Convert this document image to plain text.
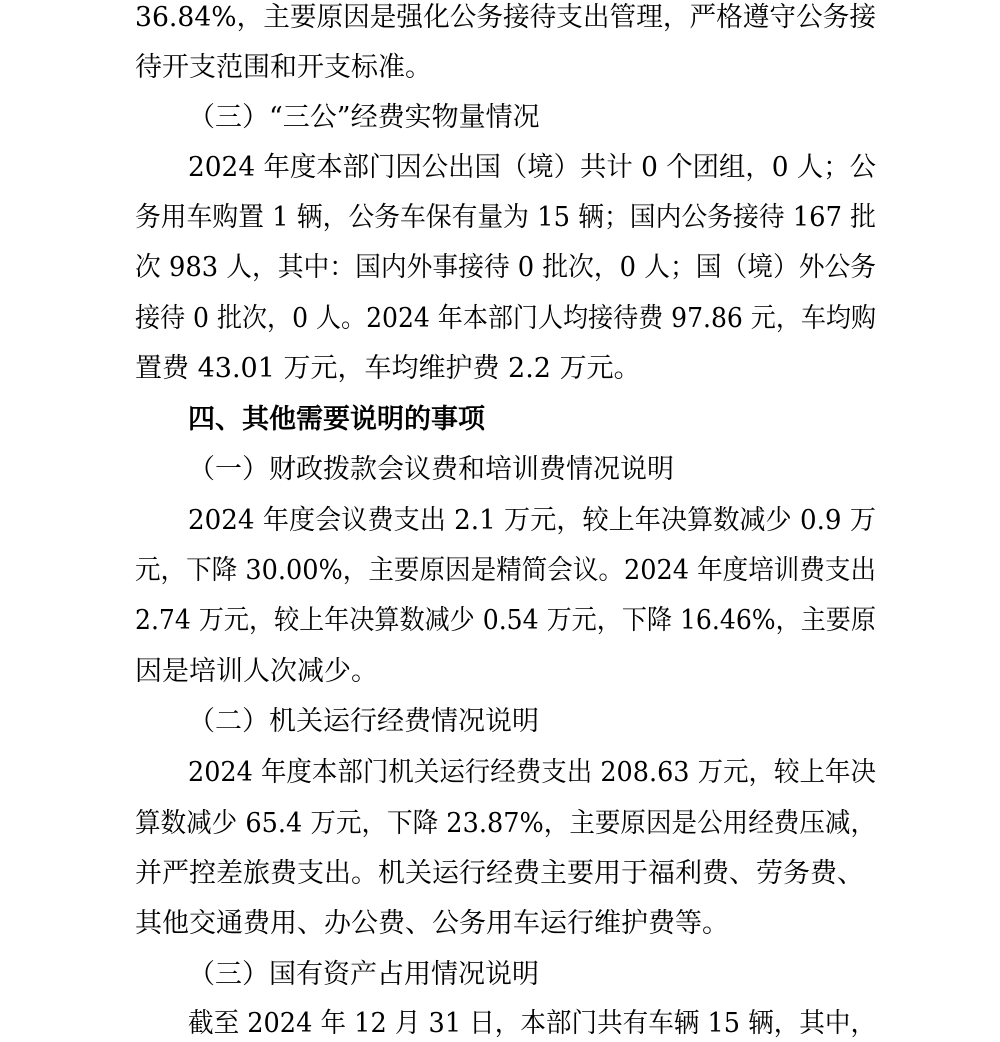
36.84%，主要原因是强化公务接待支出管理，严格遵守公务接
待开支范围和开支标准。
（三）“三公”经费实物量情况
2024 年度本部门因公出国（境）共计 0 个团组，0 人；公
务用车购置 1 辆，公务车保有量为 15 辆；国内公务接待 167 批
次 983 人，其中：国内外事接待 0 批次，0 人；国（境）外公务
接待 0 批次，0 人。2024 年本部门人均接待费 97.86 元，车均购
置费 43.01 万元，车均维护费 2.2 万元。
四、其他需要说明的事项
（一）财政拨款会议费和培训费情况说明
2024 年度会议费支出 2.1 万元，较上年决算数减少 0.9 万
元，下降 30.00%，主要原因是精简会议。2024 年度培训费支出
2.74 万元，较上年决算数减少 0.54 万元，下降 16.46%，主要原
因是培训人次减少。
（二）机关运行经费情况说明
2024 年度本部门机关运行经费支出 208.63 万元，较上年决
算数减少 65.4 万元，下降 23.87%，主要原因是公用经费压减，
并严控差旅费支出。机关运行经费主要用于福利费、劳务费、
其他交通费用、办公费、公务用车运行维护费等。
（三）国有资产占用情况说明
截至 2024 年 12 月 31 日，本部门共有车辆 15 辆，其中，
